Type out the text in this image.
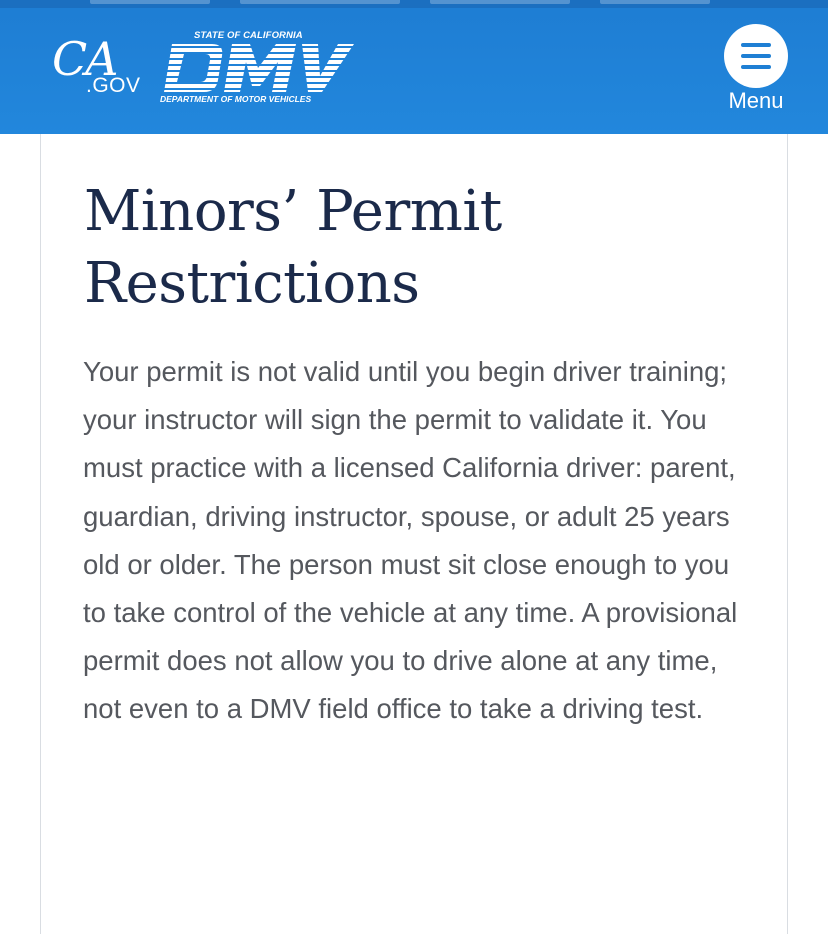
CA
.GOV
STATE OF CALIFORNIA
DEPARTMENT OF MOTOR VEHICLES	Menu
Minors’ Permit Restrictions

Your permit is not valid until you begin driver training; your instructor will sign the permit to validate it. You must practice with a licensed California driver: parent, guardian, driving instructor, spouse, or adult 25 years old or older. The person must sit close enough to you to take control of the vehicle at any time. A provisional permit does not allow you to drive alone at any time, not even to a DMV field office to take a driving test.
